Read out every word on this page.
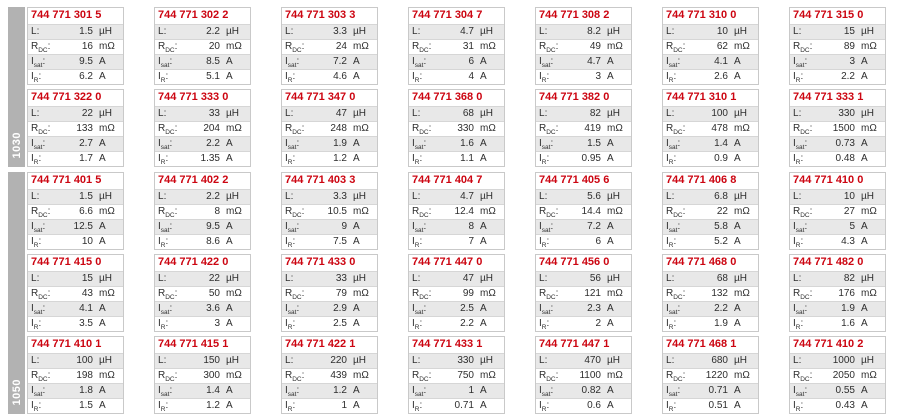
1030
744 771 301 5
L:	1.5 µH
$R_{DC}$:	16 mΩ
$I_{sat}$:	9.5 A
$I_R$:	6.2 A
744 771 302 2
L:	2.2 µH
$R_{DC}$:	20 mΩ
$I_{sat}$:	8.5 A
$I_R$:	5.1 A
744 771 303 3
L:	3.3 µH
$R_{DC}$:	24 mΩ
$I_{sat}$:	7.2 A
$I_R$:	4.6 A
744 771 304 7
L:	4.7 µH
$R_{DC}$:	31 mΩ
$I_{sat}$:	6 A
$I_R$:	4 A
744 771 308 2
L:	8.2 µH
$R_{DC}$:	49 mΩ
$I_{sat}$:	4.7 A
$I_R$:	3 A
744 771 310 0
L:	10 µH
$R_{DC}$:	62 mΩ
$I_{sat}$:	4.1 A
$I_R$:	2.6 A
744 771 315 0
L:	15 µH
$R_{DC}$:	89 mΩ
$I_{sat}$:	3 A
$I_R$:	2.2 A
744 771 322 0
L:	22 µH
$R_{DC}$:	133 mΩ
$I_{sat}$:	2.7 A
$I_R$:	1.7 A
744 771 333 0
L:	33 µH
$R_{DC}$:	204 mΩ
$I_{sat}$:	2.2 A
$I_R$:	1.35 A
744 771 347 0
L:	47 µH
$R_{DC}$:	248 mΩ
$I_{sat}$:	1.9 A
$I_R$:	1.2 A
744 771 368 0
L:	68 µH
$R_{DC}$:	330 mΩ
$I_{sat}$:	1.6 A
$I_R$:	1.1 A
744 771 382 0
L:	82 µH
$R_{DC}$:	419 mΩ
$I_{sat}$:	1.5 A
$I_R$:	0.95 A
744 771 310 1
L:	100 µH
$R_{DC}$:	478 mΩ
$I_{sat}$:	1.4 A
$I_R$:	0.9 A
744 771 333 1
L:	330 µH
$R_{DC}$:	1500 mΩ
$I_{sat}$:	0.73 A
$I_R$:	0.48 A
1050
744 771 401 5
L:	1.5 µH
$R_{DC}$:	6.6 mΩ
$I_{sat}$:	12.5 A
$I_R$:	10 A
744 771 402 2
L:	2.2 µH
$R_{DC}$:	8 mΩ
$I_{sat}$:	9.5 A
$I_R$:	8.6 A
744 771 403 3
L:	3.3 µH
$R_{DC}$:	10.5 mΩ
$I_{sat}$:	9 A
$I_R$:	7.5 A
744 771 404 7
L:	4.7 µH
$R_{DC}$:	12.4 mΩ
$I_{sat}$:	8 A
$I_R$:	7 A
744 771 405 6
L:	5.6 µH
$R_{DC}$:	14.4 mΩ
$I_{sat}$:	7.2 A
$I_R$:	6 A
744 771 406 8
L:	6.8 µH
$R_{DC}$:	22 mΩ
$I_{sat}$:	5.8 A
$I_R$:	5.2 A
744 771 410 0
L:	10 µH
$R_{DC}$:	27 mΩ
$I_{sat}$:	5 A
$I_R$:	4.3 A
744 771 415 0
L:	15 µH
$R_{DC}$:	43 mΩ
$I_{sat}$:	4.1 A
$I_R$:	3.5 A
744 771 422 0
L:	22 µH
$R_{DC}$:	50 mΩ
$I_{sat}$:	3.6 A
$I_R$:	3 A
744 771 433 0
L:	33 µH
$R_{DC}$:	79 mΩ
$I_{sat}$:	2.9 A
$I_R$:	2.5 A
744 771 447 0
L:	47 µH
$R_{DC}$:	99 mΩ
$I_{sat}$:	2.5 A
$I_R$:	2.2 A
744 771 456 0
L:	56 µH
$R_{DC}$:	121 mΩ
$I_{sat}$:	2.3 A
$I_R$:	2 A
744 771 468 0
L:	68 µH
$R_{DC}$:	132 mΩ
$I_{sat}$:	2.2 A
$I_R$:	1.9 A
744 771 482 0
L:	82 µH
$R_{DC}$:	176 mΩ
$I_{sat}$:	1.9 A
$I_R$:	1.6 A
744 771 410 1
L:	100 µH
$R_{DC}$:	198 mΩ
$I_{sat}$:	1.8 A
$I_R$:	1.5 A
744 771 415 1
L:	150 µH
$R_{DC}$:	300 mΩ
$I_{sat}$:	1.4 A
$I_R$:	1.2 A
744 771 422 1
L:	220 µH
$R_{DC}$:	439 mΩ
$I_{sat}$:	1.2 A
$I_R$:	1 A
744 771 433 1
L:	330 µH
$R_{DC}$:	750 mΩ
$I_{sat}$:	1 A
$I_R$:	0.71 A
744 771 447 1
L:	470 µH
$R_{DC}$:	1100 mΩ
$I_{sat}$:	0.82 A
$I_R$:	0.6 A
744 771 468 1
L:	680 µH
$R_{DC}$:	1220 mΩ
$I_{sat}$:	0.71 A
$I_R$:	0.51 A
744 771 410 2
L:	1000 µH
$R_{DC}$:	2050 mΩ
$I_{sat}$:	0.55 A
$I_R$:	0.43 A
